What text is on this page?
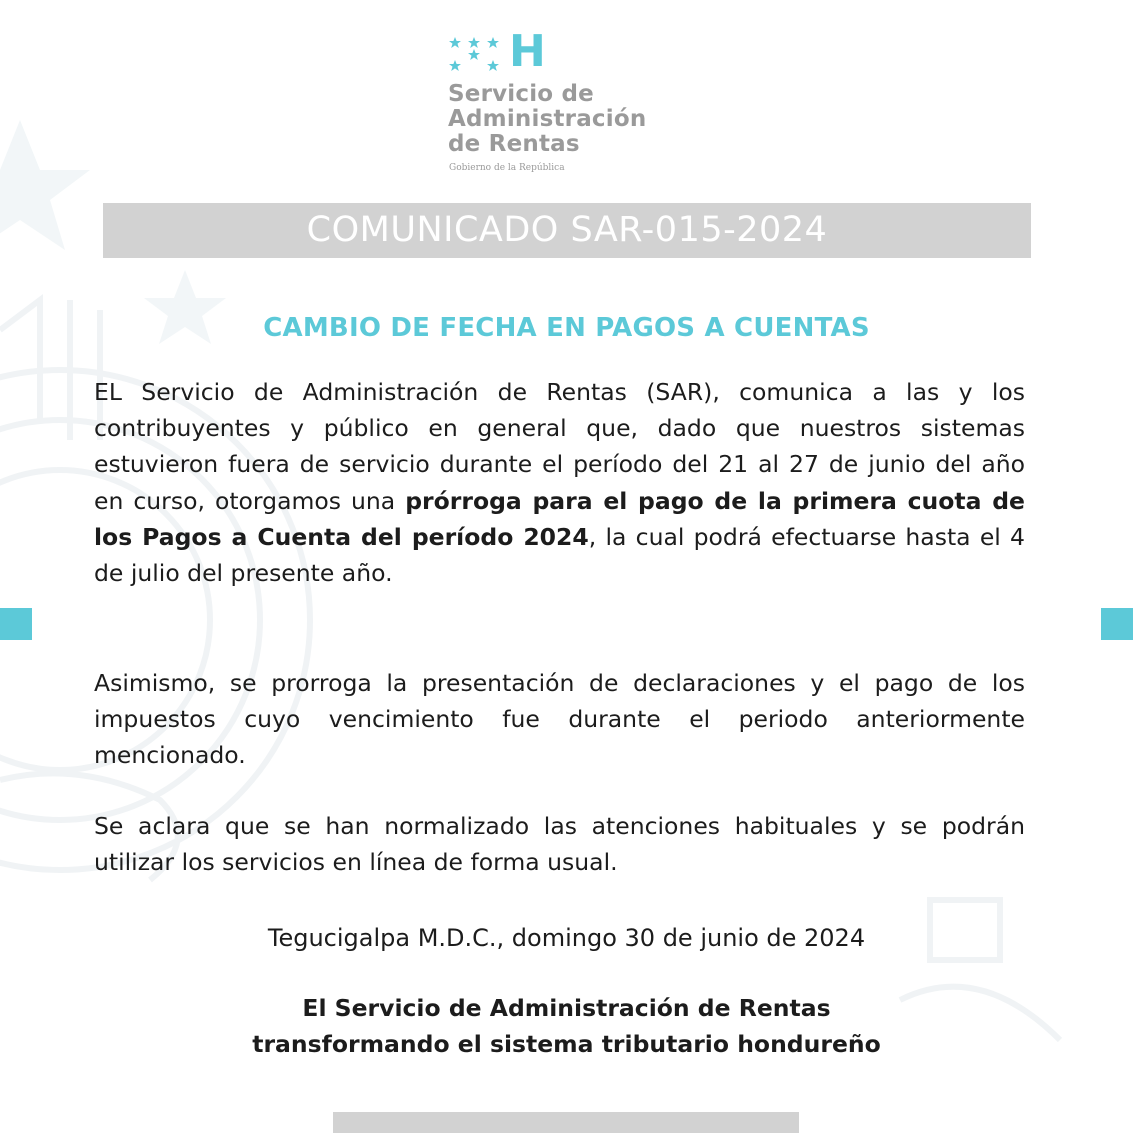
H
Servicio de
Administración
de Rentas
Gobierno de la República
COMUNICADO SAR-015-2024
CAMBIO DE FECHA EN PAGOS A CUENTAS

EL Servicio de Administración de Rentas (SAR), comunica a las y los contribuyentes y público en general que, dado que nuestros sistemas estuvieron fuera de servicio durante el período del 21 al 27 de junio del año en curso, otorgamos una prórroga para el pago de la primera cuota de los Pagos a Cuenta del período 2024, la cual podrá efectuarse hasta el 4 de julio del presente año.

Asimismo, se prorroga la presentación de declaraciones y el pago de los impuestos cuyo vencimiento fue durante el periodo anteriormente mencionado.

Se aclara que se han normalizado las atenciones habituales y se podrán utilizar los servicios en línea de forma usual.

Tegucigalpa M.D.C., domingo 30 de junio de 2024
El Servicio de Administración de Rentas
transformando el sistema tributario hondureño
